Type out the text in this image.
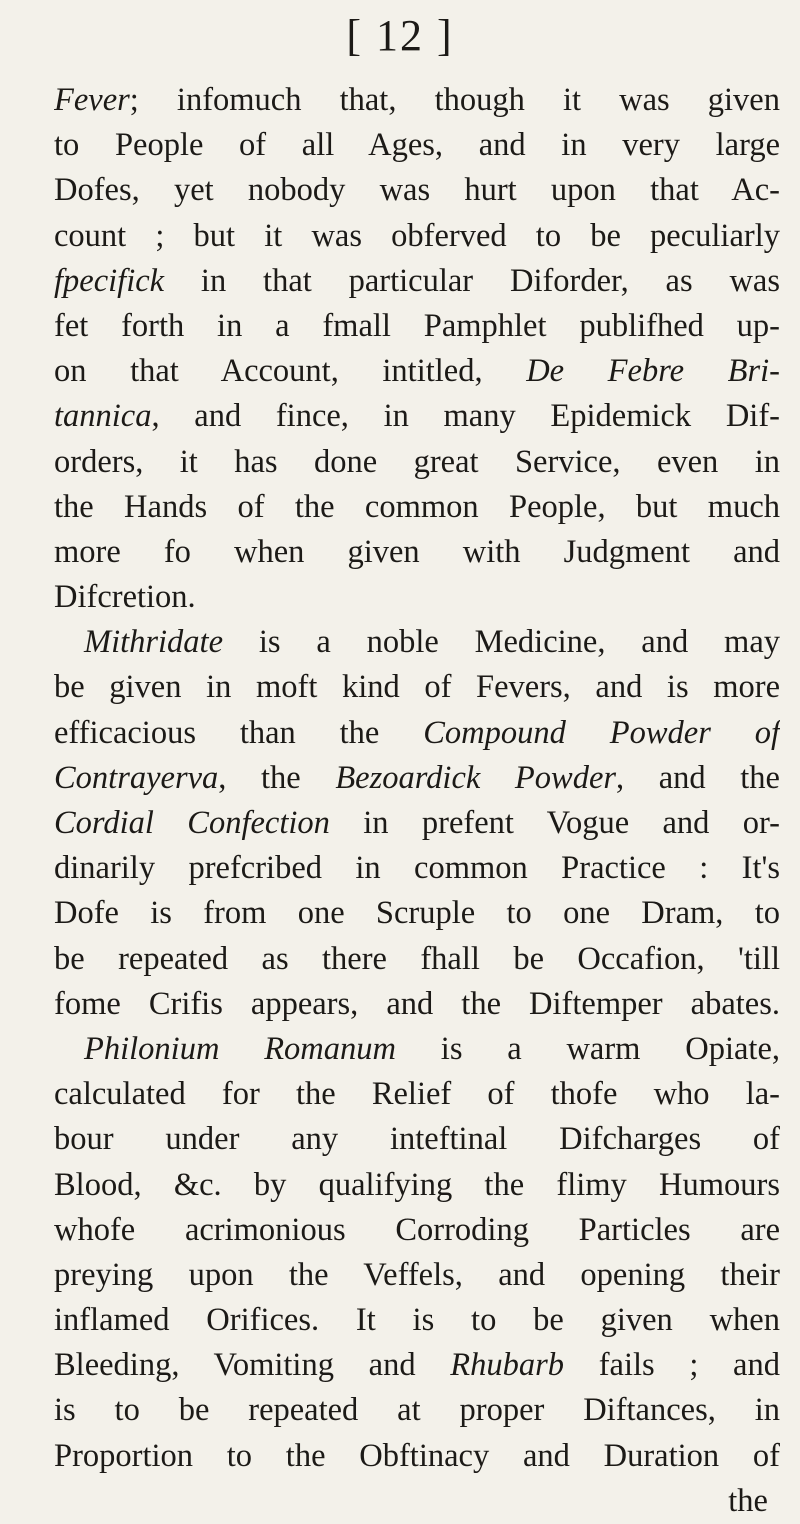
[ 12 ]
Fever; infomuch that, though it was given
to People of all Ages, and in very large
Dofes, yet nobody was hurt upon that Ac-
count ; but it was obferved to be peculiarly
fpecifick in that particular Diforder, as was
fet forth in a fmall Pamphlet publifhed up-
on that Account, intitled, De Febre Bri-
tannica, and fince, in many Epidemick Dif-
orders, it has done great Service, even in
the Hands of the common People, but much
more fo when given with Judgment and
Difcretion.
Mithridate is a noble Medicine, and may
be given in moft kind of Fevers, and is more
efficacious than the Compound Powder of
Contrayerva, the Bezoardick Powder, and the
Cordial Confection in prefent Vogue and or-
dinarily prefcribed in common Practice : It's
Dofe is from one Scruple to one Dram, to
be repeated as there fhall be Occafion, 'till
fome Crifis appears, and the Diftemper abates.
Philonium Romanum is a warm Opiate,
calculated for the Relief of thofe who la-
bour under any inteftinal Difcharges of
Blood, &c. by qualifying the flimy Humours
whofe acrimonious Corroding Particles are
preying upon the Veffels, and opening their
inflamed Orifices. It is to be given when
Bleeding, Vomiting and Rhubarb fails ; and
is to be repeated at proper Diftances, in
Proportion to the Obftinacy and Duration of
the
